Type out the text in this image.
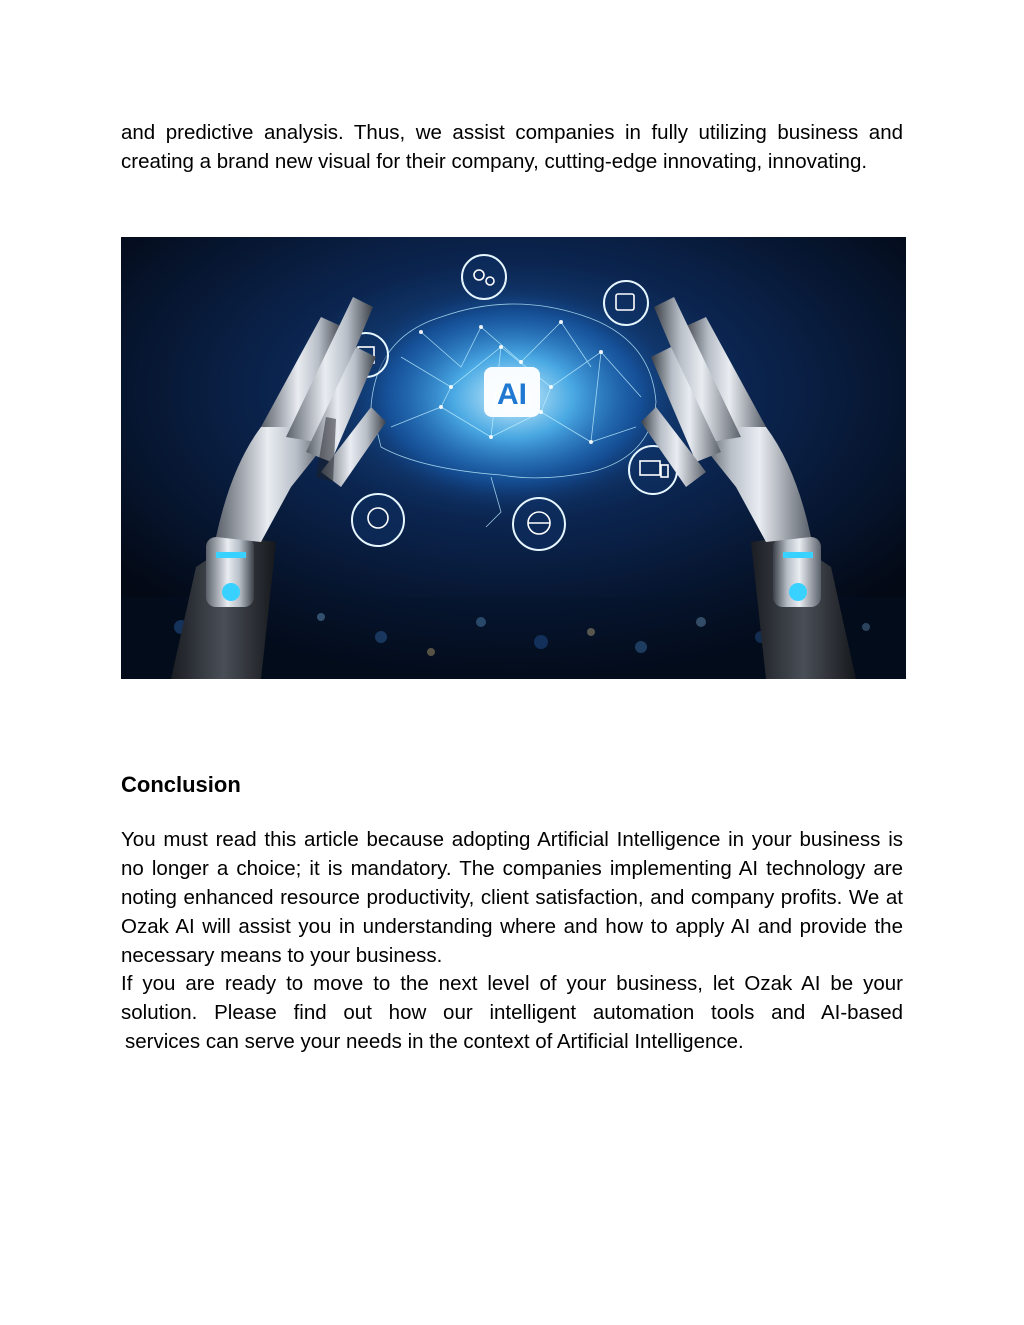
and predictive analysis. Thus, we assist companies in fully utilizing business and creating a brand new visual for their company, cutting-edge innovating, innovating.

AI
Conclusion

You must read this article because adopting Artificial Intelligence in your business is no longer a choice; it is mandatory. The companies implementing AI technology are noting enhanced resource productivity, client satisfaction, and company profits. We at Ozak AI will assist you in understanding where and how to apply AI and provide the necessary means to your business.

If you are ready to move to the next level of your business, let Ozak AI be your solution. Please find out how our intelligent automation tools and AI-based
services can serve your needs in the context of Artificial Intelligence.
